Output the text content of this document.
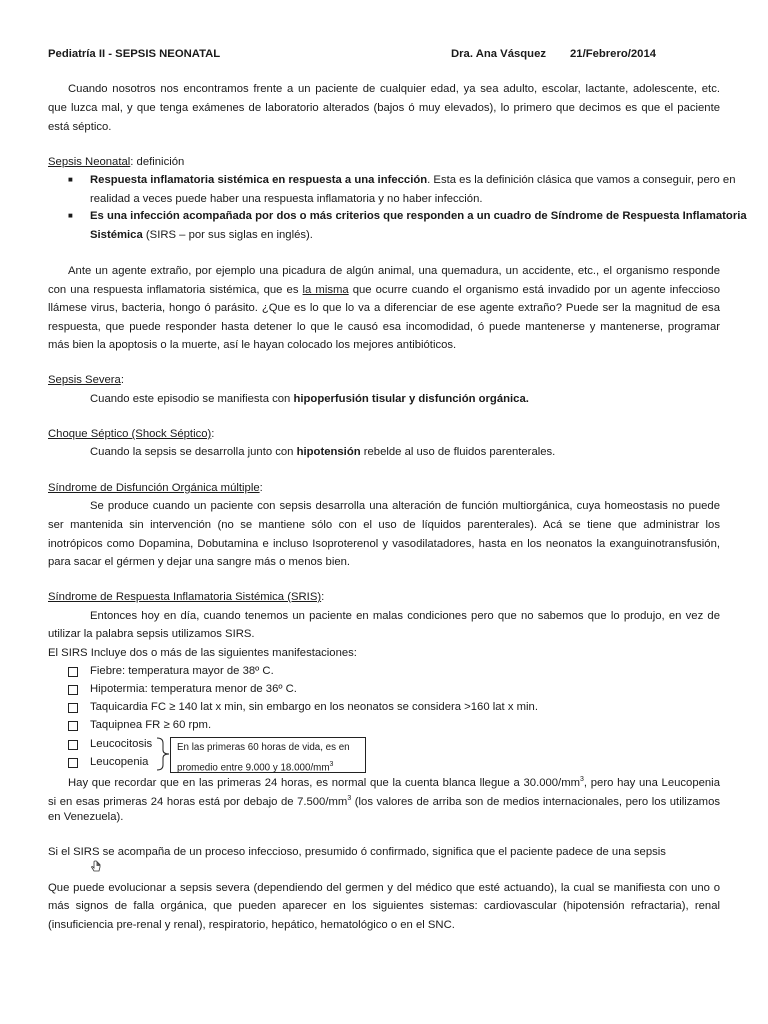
Pediatría II - SEPSIS NEONATAL	Dra. Ana Vásquez 21/Febrero/2014
Cuando nosotros nos encontramos frente a un paciente de cualquier edad, ya sea adulto, escolar, lactante, adolescente, etc.
que luzca mal, y que tenga exámenes de laboratorio alterados (bajos ó muy elevados), lo primero que decimos es que el paciente
está séptico.
Sepsis Neonatal: definición
■ Respuesta inflamatoria sistémica en respuesta a una infección. Esta es la definición clásica que vamos a conseguir, pero en
realidad a veces puede haber una respuesta inflamatoria y no haber infección.
■ Es una infección acompañada por dos o más criterios que responden a un cuadro de Síndrome de Respuesta Inflamatoria
Sistémica (SIRS – por sus siglas en inglés).
Ante un agente extraño, por ejemplo una picadura de algún animal, una quemadura, un accidente, etc., el organismo responde
con una respuesta inflamatoria sistémica, que es la misma que ocurre cuando el organismo está invadido por un agente infeccioso
llámese virus, bacteria, hongo ó parásito. ¿Que es lo que lo va a diferenciar de ese agente extraño? Puede ser la magnitud de esa
respuesta, que puede responder hasta detener lo que le causó esa incomodidad, ó puede mantenerse y mantenerse, programar
más bien la apoptosis o la muerte, así le hayan colocado los mejores antibióticos.
Sepsis Severa:
Cuando este episodio se manifiesta con hipoperfusión tisular y disfunción orgánica.
Choque Séptico (Shock Séptico):
Cuando la sepsis se desarrolla junto con hipotensión rebelde al uso de fluidos parenterales.
Síndrome de Disfunción Orgánica múltiple:
Se produce cuando un paciente con sepsis desarrolla una alteración de función multiorgánica, cuya homeostasis no puede
ser mantenida sin intervención (no se mantiene sólo con el uso de líquidos parenterales). Acá se tiene que administrar los
inotrópicos como Dopamina, Dobutamina e incluso Isoproterenol y vasodilatadores, hasta en los neonatos la exanguinotransfusión,
para sacar el gérmen y dejar una sangre más o menos bien.
Síndrome de Respuesta Inflamatoria Sistémica (SRIS):
Entonces hoy en día, cuando tenemos un paciente en malas condiciones pero que no sabemos que lo produjo, en vez de
utilizar la palabra sepsis utilizamos SIRS.
El SIRS Incluye dos o más de las siguientes manifestaciones:
Fiebre: temperatura mayor de 38º C.
Hipotermia: temperatura menor de 36º C.
Taquicardia FC ≥ 140 lat x min, sin embargo en los neonatos se considera >160 lat x min.
Taquipnea FR ≥ 60 rpm.
Leucocitosis
Leucopenia
En las primeras 60 horas de vida, es en
promedio entre 9.000 y $18.000/mm^3$
Hay que recordar que en las primeras 24 horas, es normal que la cuenta blanca llegue a $30.000/mm^3$, pero hay una Leucopenia
si en esas primeras 24 horas está por debajo de $7.500/mm^3$ (los valores de arriba son de medios internacionales, pero los utilizamos
en Venezuela).
Si el SIRS se acompaña de un proceso infeccioso, presumido ó confirmado, significa que el paciente padece de una sepsis
Que puede evolucionar a sepsis severa (dependiendo del germen y del médico que esté actuando), la cual se manifiesta con uno o
más signos de falla orgánica, que pueden aparecer en los siguientes sistemas: cardiovascular (hipotensión refractaria), renal
(insuficiencia pre-renal y renal), respiratorio, hepático, hematológico o en el SNC.
